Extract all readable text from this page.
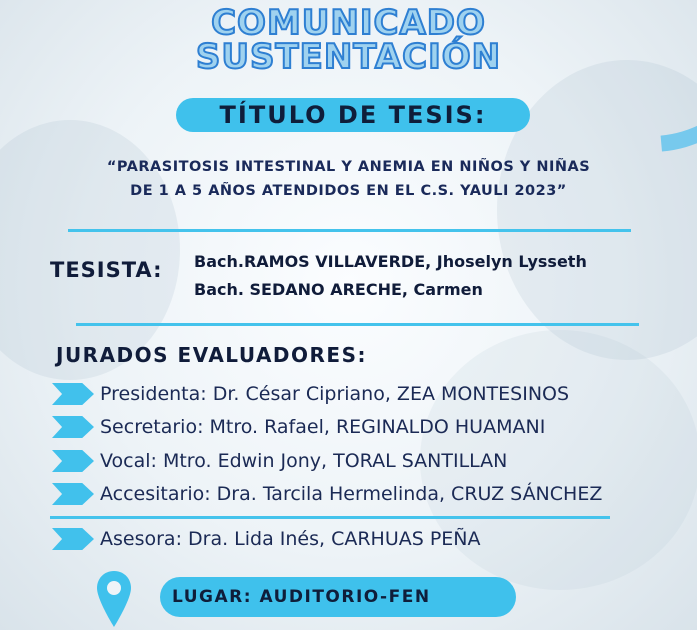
COMUNICADO
SUSTENTACIÓN
TÍTULO DE TESIS:
“PARASITOSIS INTESTINAL Y ANEMIA EN NIÑOS Y NIÑAS
DE 1 A 5 AÑOS ATENDIDOS EN EL C.S. YAULI 2023”
TESISTA: Bach.RAMOS VILLAVERDE, Jhoselyn Lysseth
Bach. SEDANO ARECHE, Carmen
JURADOS EVALUADORES:
Presidenta: Dr. César Cipriano, ZEA MONTESINOS
Secretario: Mtro. Rafael, REGINALDO HUAMANI
Vocal: Mtro. Edwin Jony, TORAL SANTILLAN
Accesitario: Dra. Tarcila Hermelinda, CRUZ SÁNCHEZ
Asesora: Dra. Lida Inés, CARHUAS PEÑA
LUGAR: AUDITORIO-FEN
